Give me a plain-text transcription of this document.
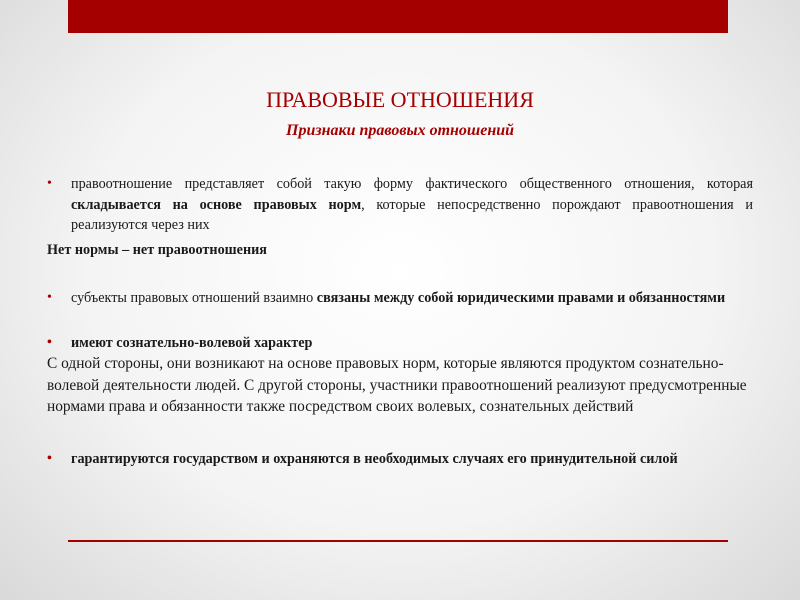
ПРАВОВЫЕ ОТНОШЕНИЯ
Признаки правовых отношений
• правоотношение представляет собой такую форму фактического общественного отношения, которая складывается на основе правовых норм, которые непосредственно порождают правоотношения и реализуются через них

Нет нормы – нет правоотношения

• субъекты правовых отношений взаимно связаны между собой юридическими правами и обязанностями
• имеют сознательно-волевой характер

С одной стороны, они возникают на основе правовых норм, которые являются продуктом сознательно-волевой деятельности людей. С другой стороны, участники правоотношений реализуют предусмотренные нормами права и обязанности также посредством своих волевых, сознательных действий

• гарантируются государством и охраняются в необходимых случаях его принудительной силой
